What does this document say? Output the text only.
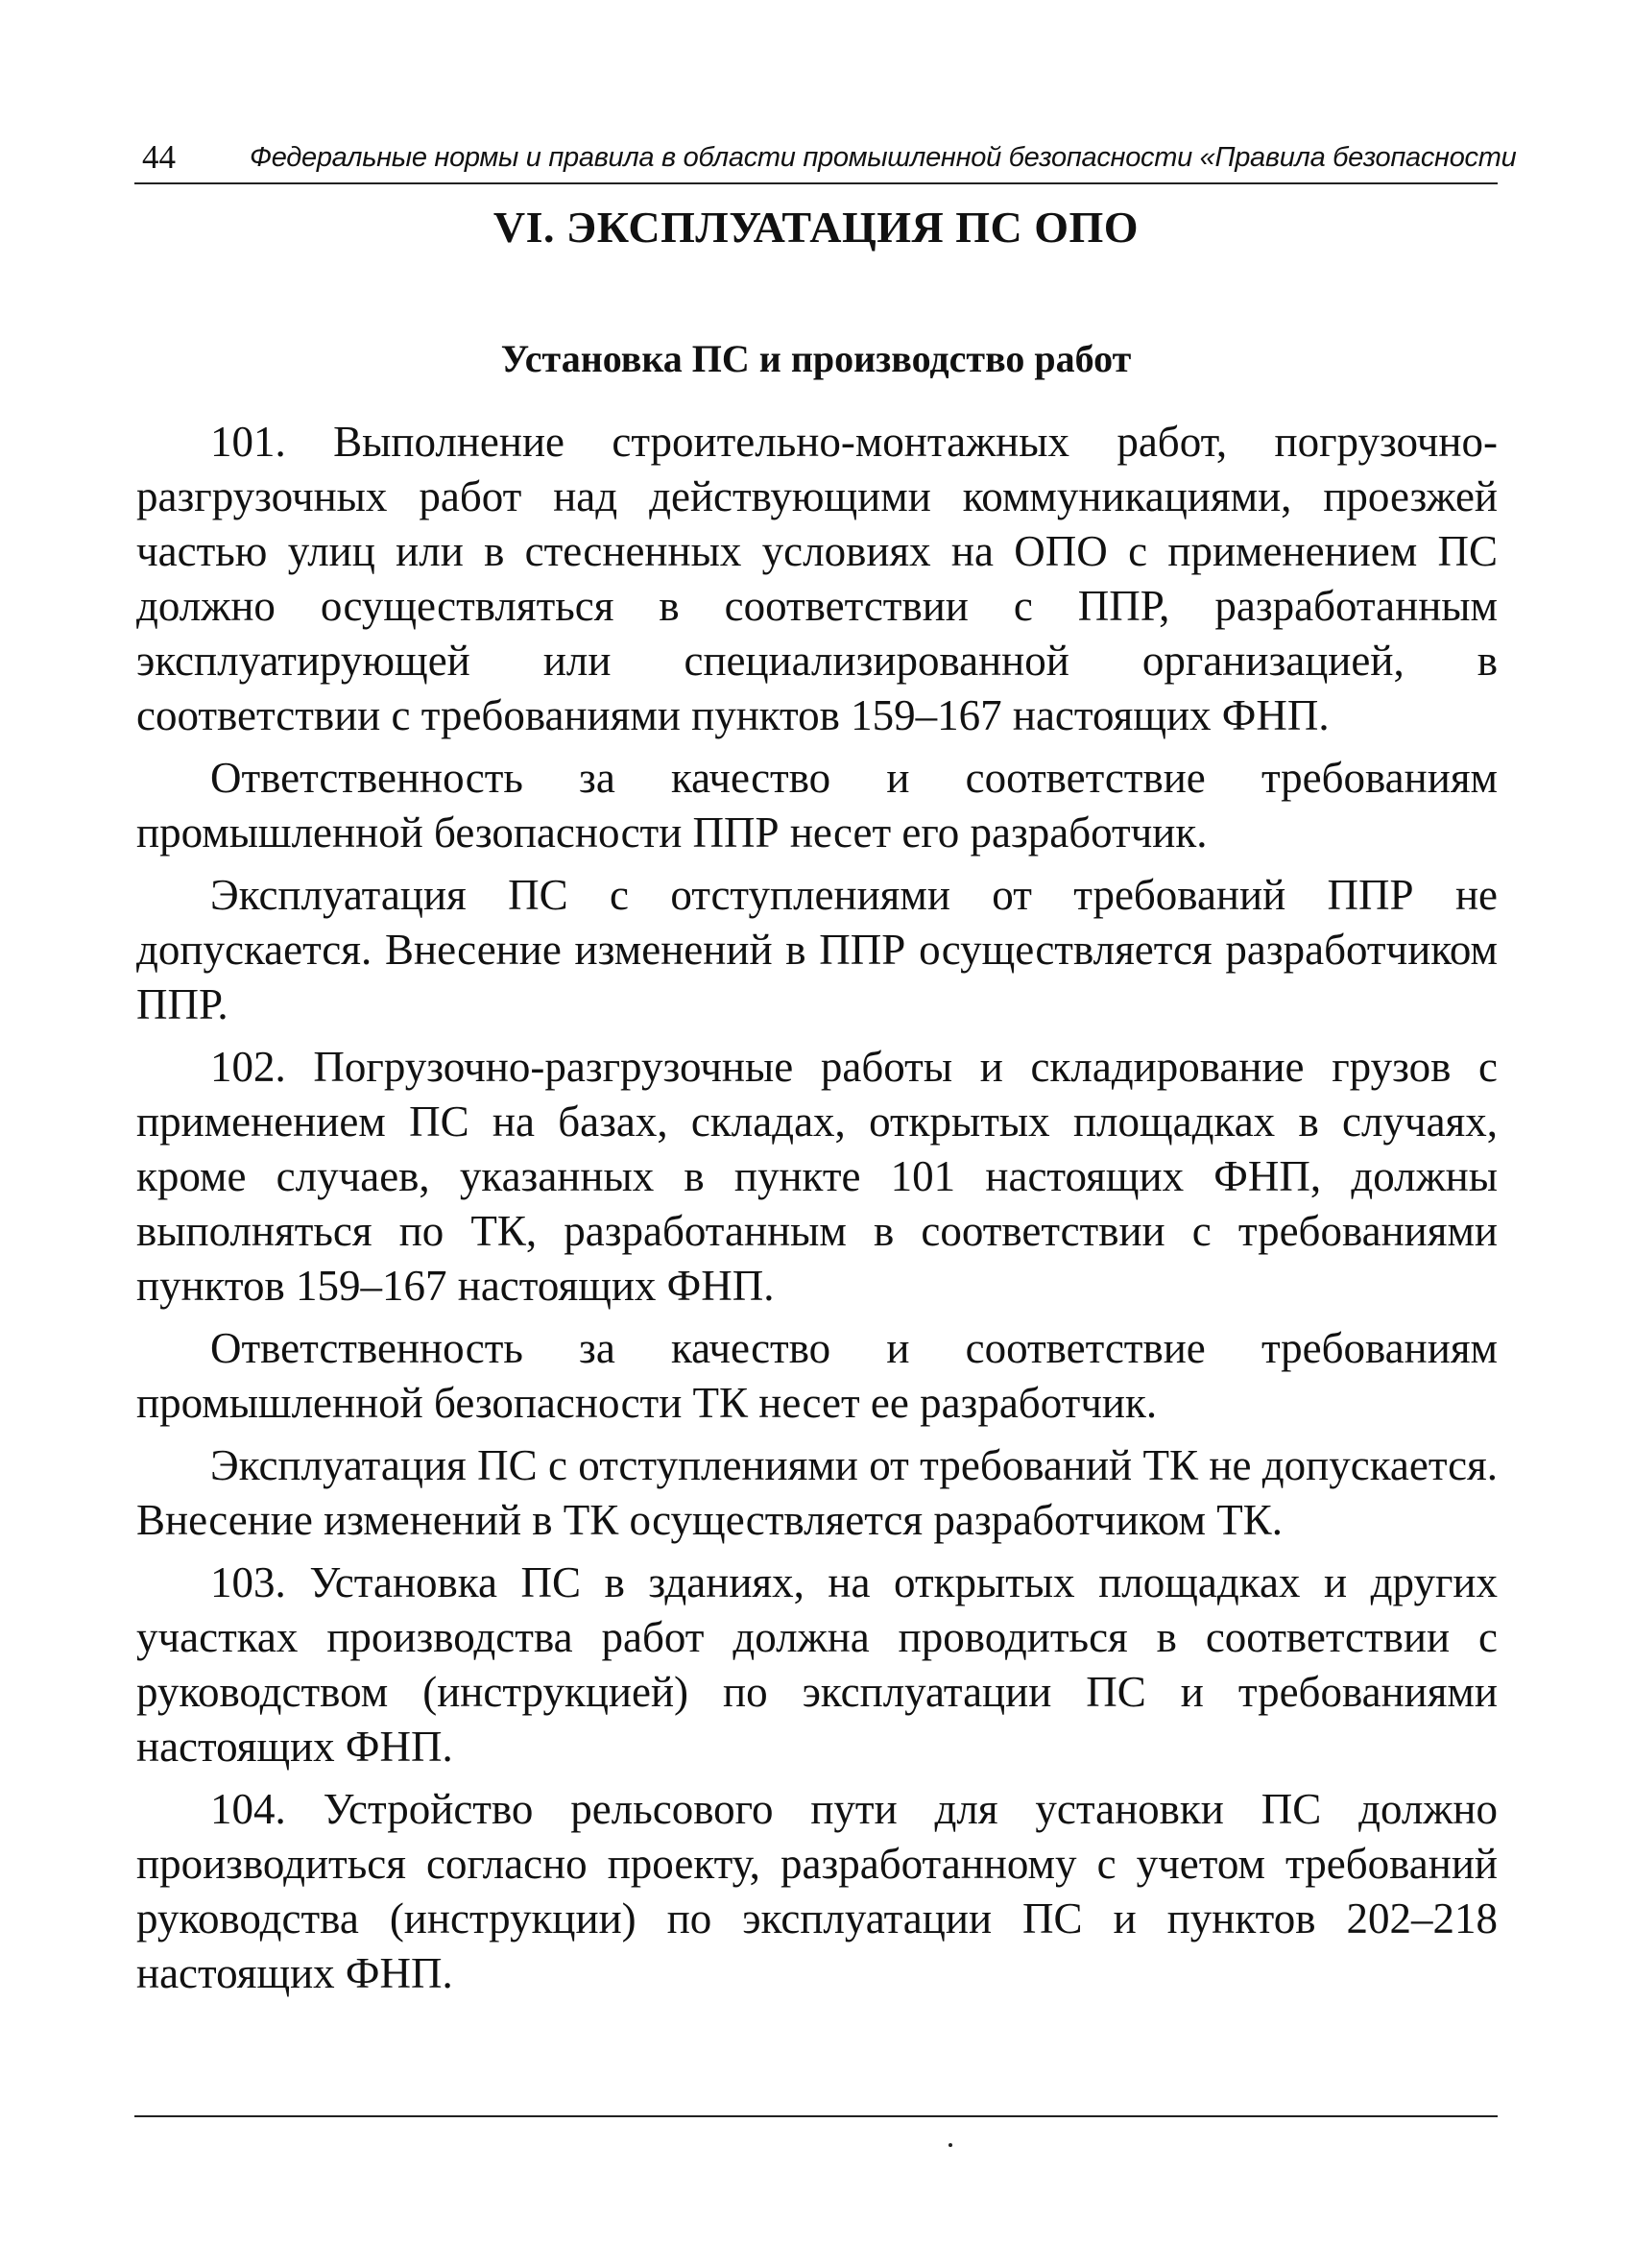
44	Федеральные нормы и правила в области промышленной безопасности «Правила безопасности
VI. ЭКСПЛУАТАЦИЯ ПС ОПО
Установка ПС и производство работ

101. Выполнение строительно-монтажных работ, погрузочно-разгрузочных работ над действующими коммуникациями, проезжей частью улиц или в стесненных условиях на ОПО с применением ПС должно осуществляться в соответствии с ППР, разработанным эксплуатирующей или специализированной организацией, в соответствии с требованиями пунктов 159–167 настоящих ФНП.

Ответственность за качество и соответствие требованиям промышленной безопасности ППР несет его разработчик.

Эксплуатация ПС с отступлениями от требований ППР не допускается. Внесение изменений в ППР осуществляется разработчиком ППР.

102. Погрузочно-разгрузочные работы и складирование грузов с применением ПС на базах, складах, открытых площадках в случаях, кроме случаев, указанных в пункте 101 настоящих ФНП, должны выполняться по ТК, разработанным в соответствии с требованиями пунктов 159–167 настоящих ФНП.

Ответственность за качество и соответствие требованиям промышленной безопасности ТК несет ее разработчик.

Эксплуатация ПС с отступлениями от требований ТК не допускается. Внесение изменений в ТК осуществляется разработчиком ТК.

103. Установка ПС в зданиях, на открытых площадках и других участках производства работ должна проводиться в соответствии с руководством (инструкцией) по эксплуатации ПС и требованиями настоящих ФНП.

104. Устройство рельсового пути для установки ПС должно производиться согласно проекту, разработанному с учетом требований руководства (инструкции) по эксплуатации ПС и пунктов 202–218 настоящих ФНП.
